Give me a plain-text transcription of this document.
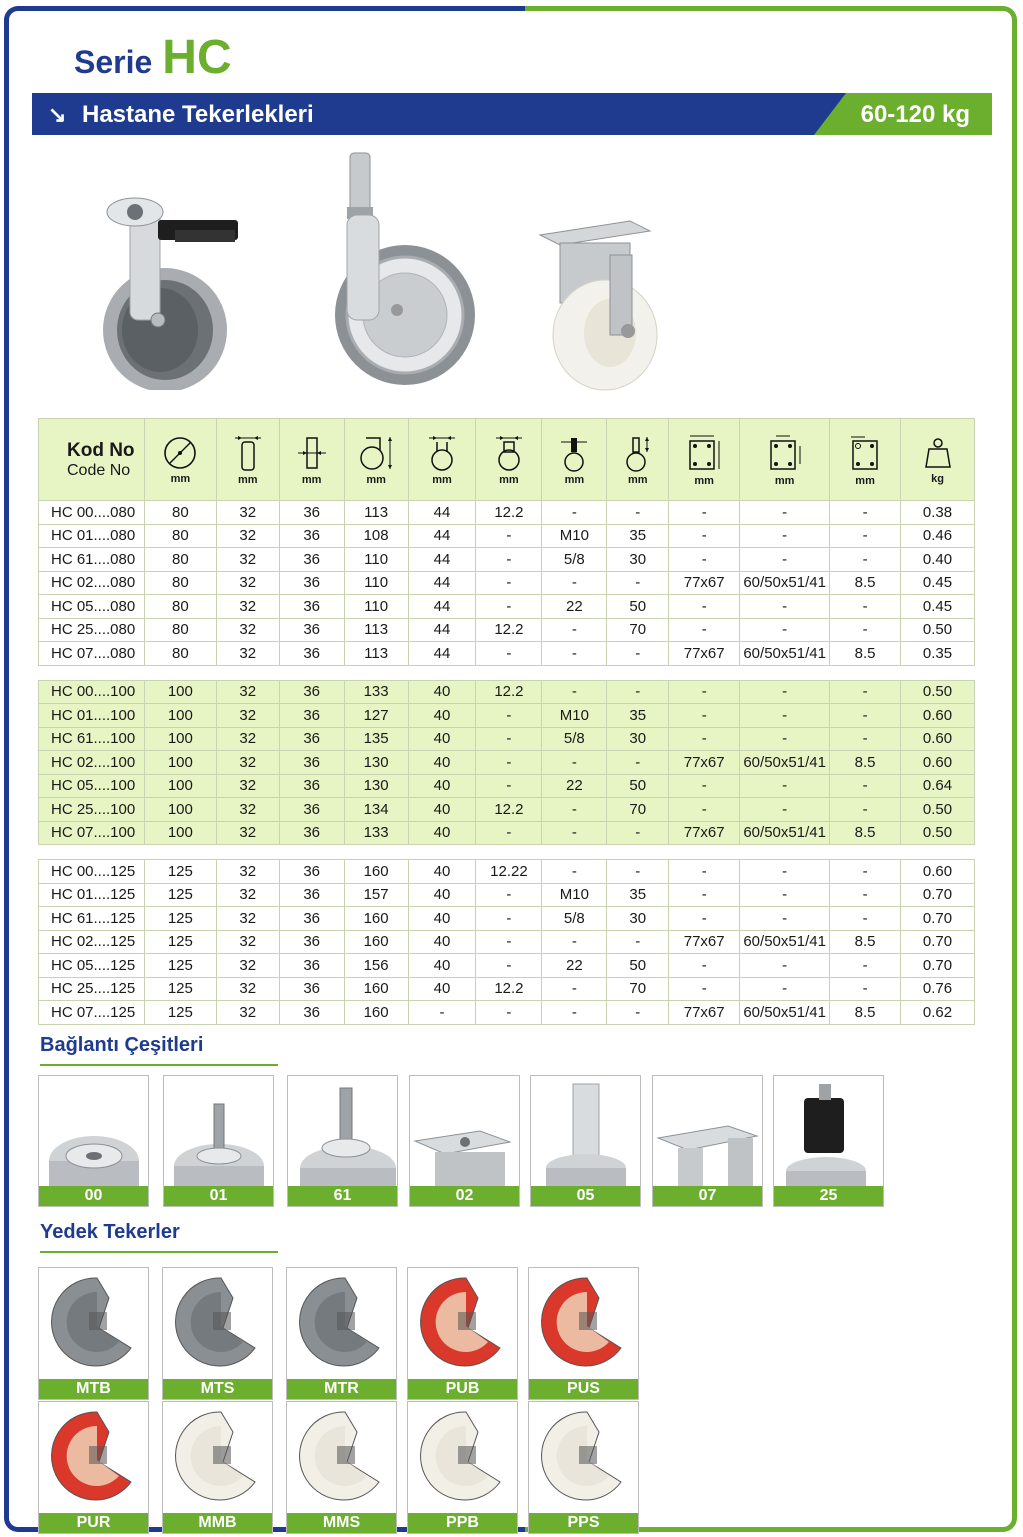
Serie HC
↘ Hastane Tekerlekleri	60-120 kg
Kod No
Code No	mm	mm	mm	mm	mm	mm	mm	mm	mm	mm	mm	kg

HC 00....080	80	32	36	113	44	12.2	-	-	-	-	-	0.38
HC 01....080	80	32	36	108	44	-	M10	35	-	-	-	0.46
HC 61....080	80	32	36	110	44	-	5/8	30	-	-	-	0.40
HC 02....080	80	32	36	110	44	-	-	-	77x67	60/50x51/41	8.5	0.45
HC 05....080	80	32	36	110	44	-	22	50	-	-	-	0.45
HC 25....080	80	32	36	113	44	12.2	-	70	-	-	-	0.50
HC 07....080	80	32	36	113	44	-	-	-	77x67	60/50x51/41	8.5	0.35

HC 00....100	100	32	36	133	40	12.2	-	-	-	-	-	0.50
HC 01....100	100	32	36	127	40	-	M10	35	-	-	-	0.60
HC 61....100	100	32	36	135	40	-	5/8	30	-	-	-	0.60
HC 02....100	100	32	36	130	40	-	-	-	77x67	60/50x51/41	8.5	0.60
HC 05....100	100	32	36	130	40	-	22	50	-	-	-	0.64
HC 25....100	100	32	36	134	40	12.2	-	70	-	-	-	0.50
HC 07....100	100	32	36	133	40	-	-	-	77x67	60/50x51/41	8.5	0.50

HC 00....125	125	32	36	160	40	12.22	-	-	-	-	-	0.60
HC 01....125	125	32	36	157	40	-	M10	35	-	-	-	0.70
HC 61....125	125	32	36	160	40	-	5/8	30	-	-	-	0.70
HC 02....125	125	32	36	160	40	-	-	-	77x67	60/50x51/41	8.5	0.70
HC 05....125	125	32	36	156	40	-	22	50	-	-	-	0.70
HC 25....125	125	32	36	160	40	12.2	-	70	-	-	-	0.76
HC 07....125	125	32	36	160	-	-	-	-	77x67	60/50x51/41	8.5	0.62
Bağlantı Çeşitleri
00	01	61	02	05	07	25
Yedek Tekerler
MTB	MTS	MTR	PUB	PUS
PUR	MMB	MMS	PPB	PPS
